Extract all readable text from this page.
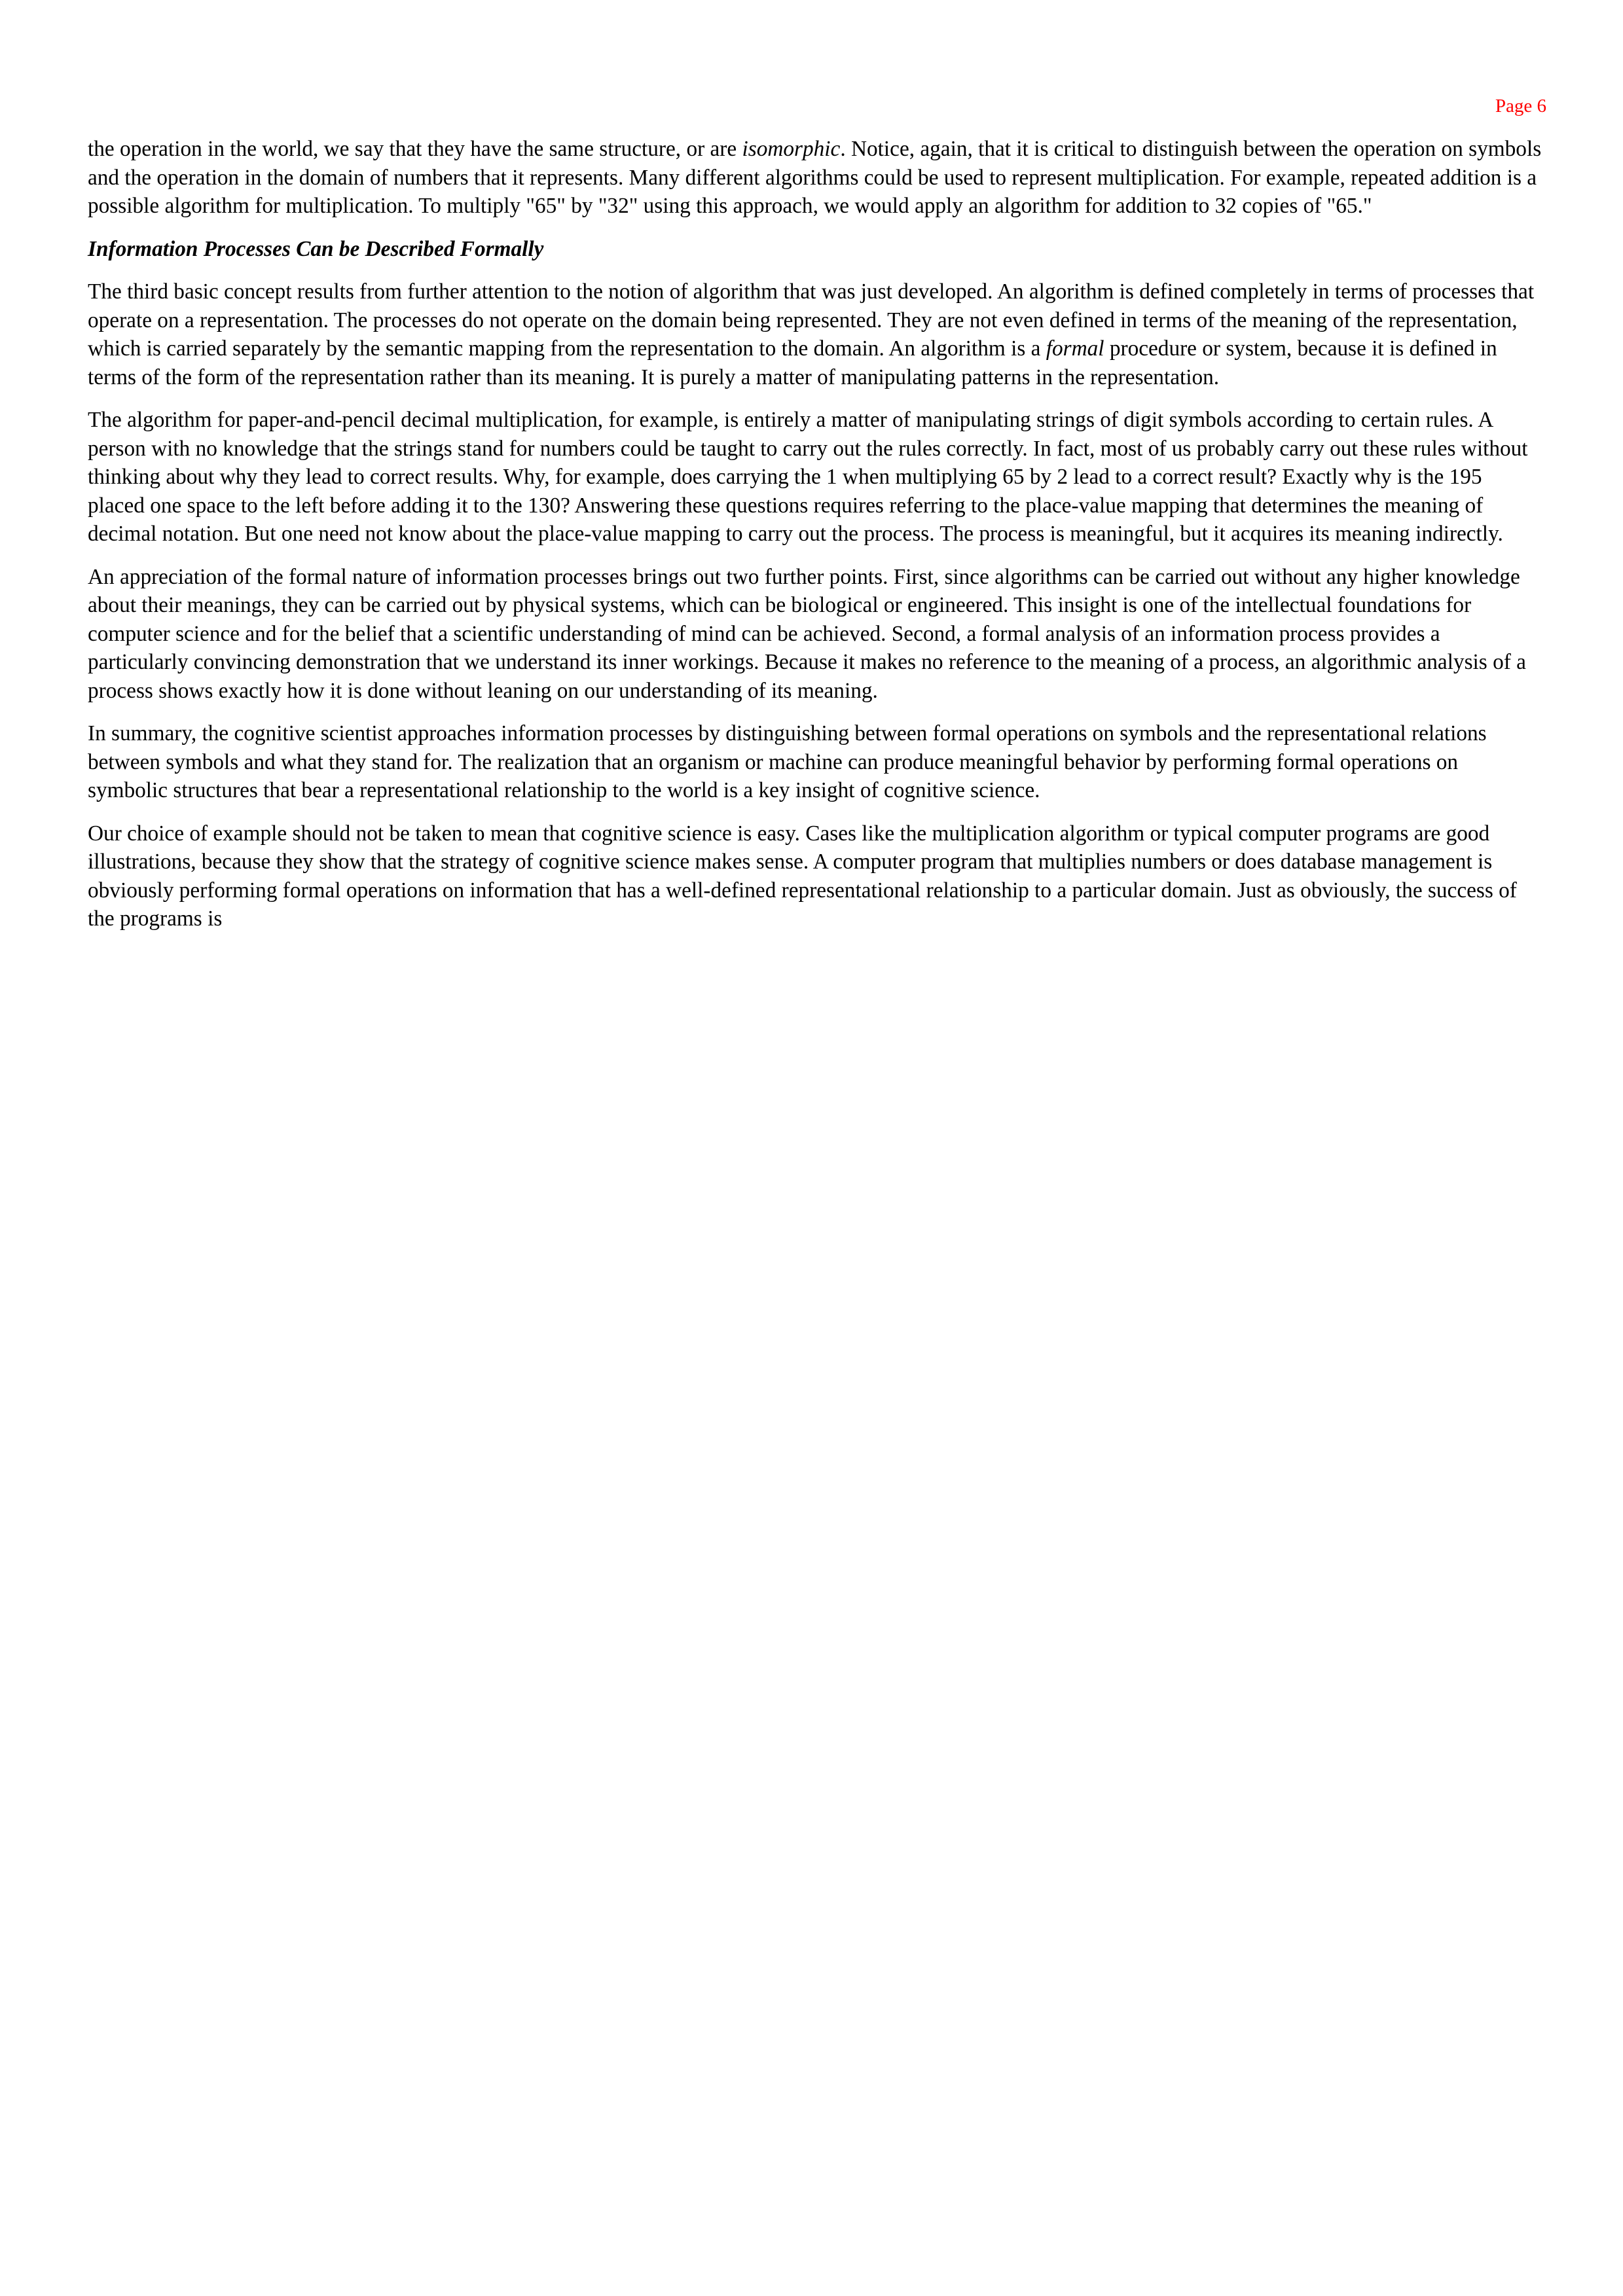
Page 6

the operation in the world, we say that they have the same structure, or are isomorphic. Notice, again, that it is critical to distinguish between the operation on symbols and the operation in the domain of numbers that it represents. Many different algorithms could be used to represent multiplication. For example, repeated addition is a possible algorithm for multiplication. To multiply "65" by "32" using this approach, we would apply an algorithm for addition to 32 copies of "65."

Information Processes Can be Described Formally

The third basic concept results from further attention to the notion of algorithm that was just developed. An algorithm is defined completely in terms of processes that operate on a representation. The processes do not operate on the domain being represented. They are not even defined in terms of the meaning of the representation, which is carried separately by the semantic mapping from the representation to the domain. An algorithm is a formal procedure or system, because it is defined in terms of the form of the representation rather than its meaning. It is purely a matter of manipulating patterns in the representation.

The algorithm for paper-and-pencil decimal multiplication, for example, is entirely a matter of manipulating strings of digit symbols according to certain rules. A person with no knowledge that the strings stand for numbers could be taught to carry out the rules correctly. In fact, most of us probably carry out these rules without thinking about why they lead to correct results. Why, for example, does carrying the 1 when multiplying 65 by 2 lead to a correct result? Exactly why is the 195 placed one space to the left before adding it to the 130? Answering these questions requires referring to the place-value mapping that determines the meaning of decimal notation. But one need not know about the place-value mapping to carry out the process. The process is meaningful, but it acquires its meaning indirectly.

An appreciation of the formal nature of information processes brings out two further points. First, since algorithms can be carried out without any higher knowledge about their meanings, they can be carried out by physical systems, which can be biological or engineered. This insight is one of the intellectual foundations for computer science and for the belief that a scientific understanding of mind can be achieved. Second, a formal analysis of an information process provides a particularly convincing demonstration that we understand its inner workings. Because it makes no reference to the meaning of a process, an algorithmic analysis of a process shows exactly how it is done without leaning on our understanding of its meaning.

In summary, the cognitive scientist approaches information processes by distinguishing between formal operations on symbols and the representational relations between symbols and what they stand for. The realization that an organism or machine can produce meaningful behavior by performing formal operations on symbolic structures that bear a representational relationship to the world is a key insight of cognitive science.

Our choice of example should not be taken to mean that cognitive science is easy. Cases like the multiplication algorithm or typical computer programs are good illustrations, because they show that the strategy of cognitive science makes sense. A computer program that multiplies numbers or does database management is obviously performing formal operations on information that has a well-defined representational relationship to a particular domain. Just as obviously, the success of the programs is
